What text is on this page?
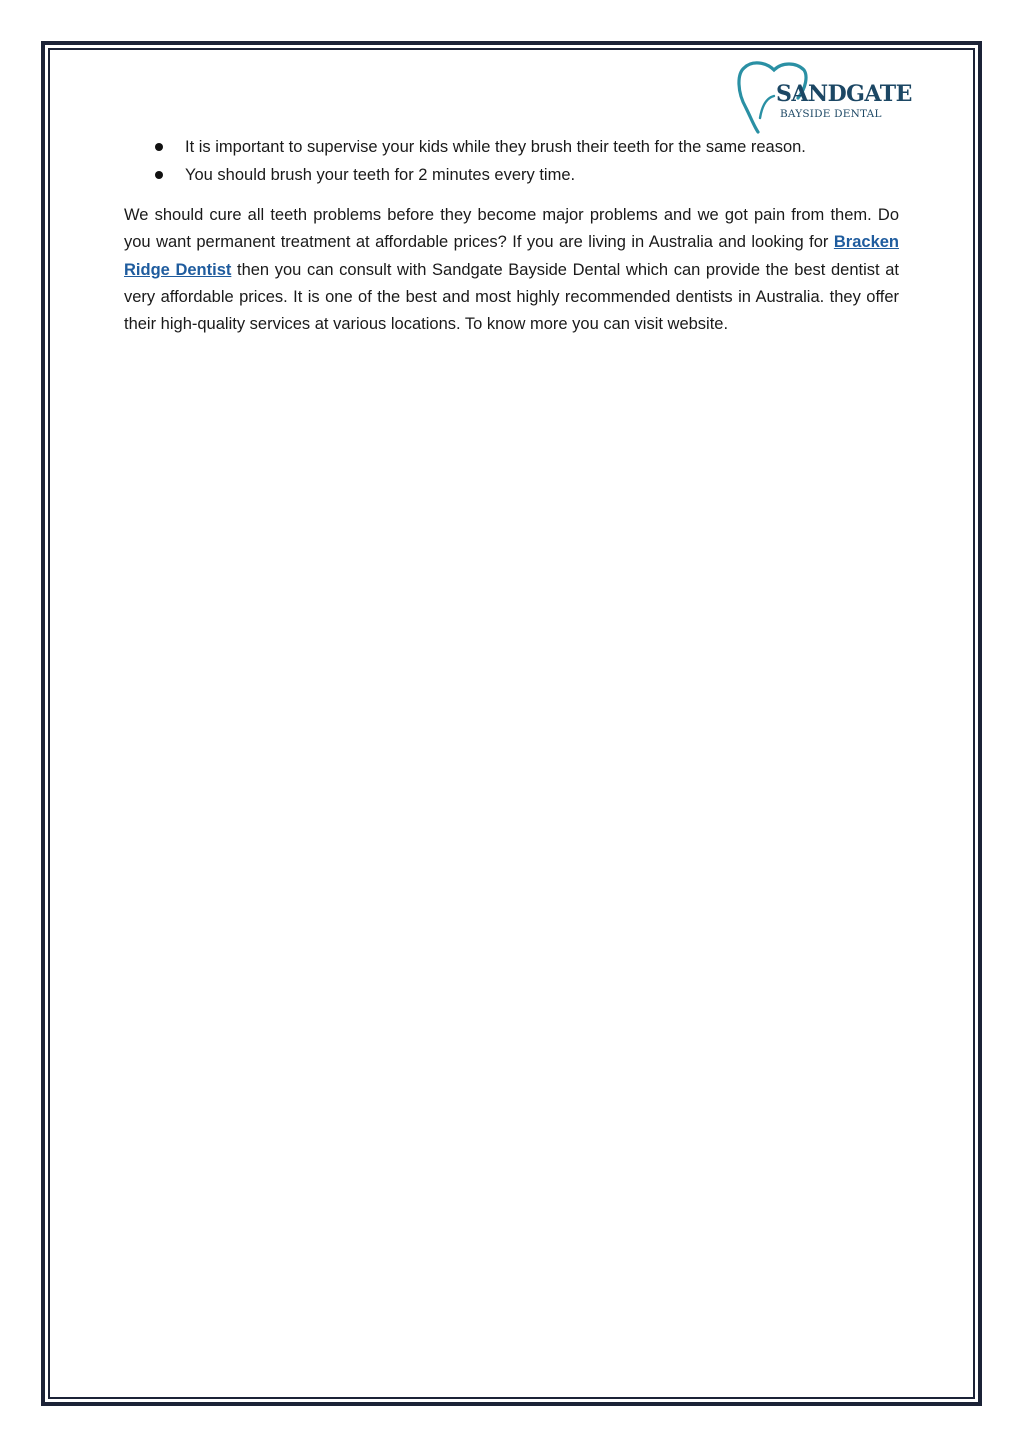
SANDGATE
BAYSIDE DENTAL
It is important to supervise your kids while they brush their teeth for the same reason.
You should brush your teeth for 2 minutes every time.

We should cure all teeth problems before they become major problems and we got pain from them. Do you want permanent treatment at affordable prices? If you are living in Australia and looking for Bracken Ridge Dentist then you can consult with Sandgate Bayside Dental which can provide the best dentist at very affordable prices. It is one of the best and most highly recommended dentists in Australia. they offer their high-quality services at various locations. To know more you can visit website.
